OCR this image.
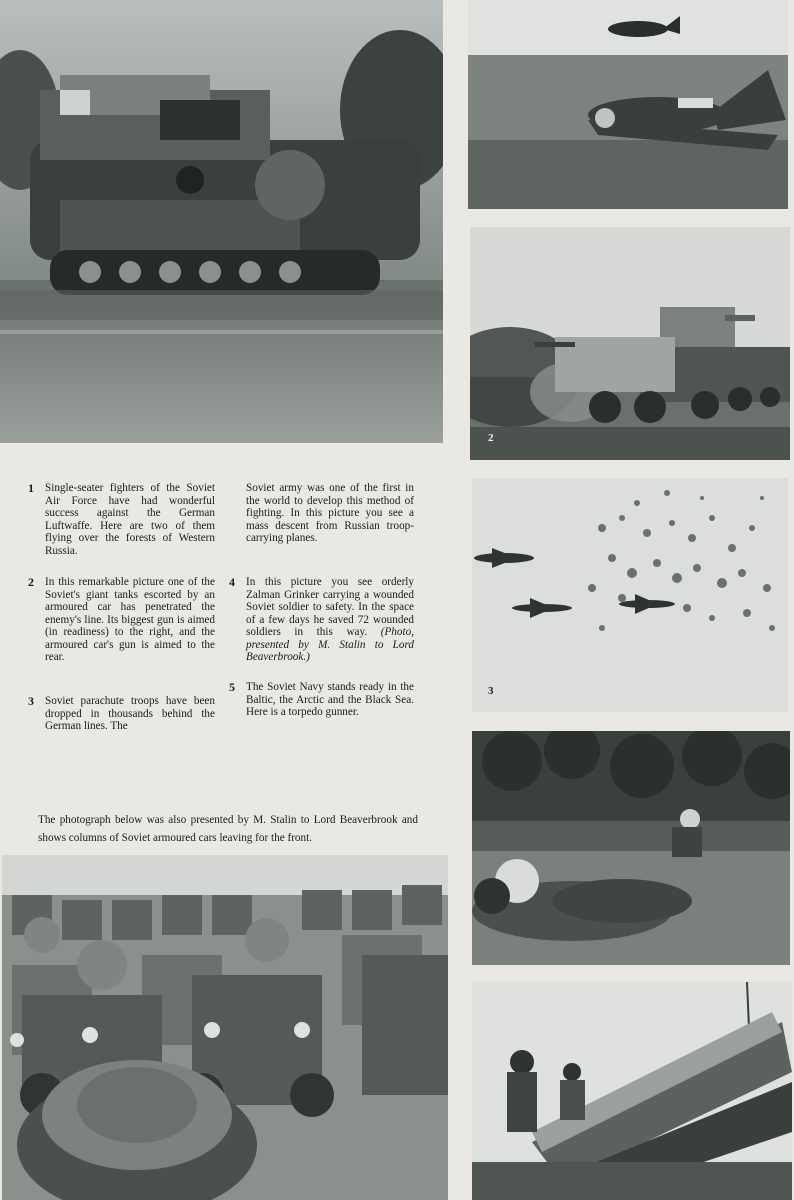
2
3
1 Single-seater fighters of the Soviet Air Force have had wonderful success against the German Luftwaffe. Here are two of them flying over the forests of Western Russia.
2 In this remarkable picture one of the Soviet's giant tanks escorted by an armoured car has penetrated the enemy's line. Its biggest gun is aimed (in readiness) to the right, and the armoured car's gun is aimed to the rear.
3 Soviet parachute troops have been dropped in thousands behind the German lines. The
Soviet army was one of the first in the world to develop this method of fighting. In this picture you see a mass descent from Russian troop-carrying planes.
4 In this picture you see orderly Zalman Grinker carrying a wounded Soviet soldier to safety. In the space of a few days he saved 72 wounded soldiers in this way. (Photo, presented by M. Stalin to Lord Beaverbrook.)
5 The Soviet Navy stands ready in the Baltic, the Arctic and the Black Sea. Here is a torpedo gunner.
The photograph below was also presented by M. Stalin to Lord Beaverbrook and shows columns of Soviet armoured cars leaving for the front.
